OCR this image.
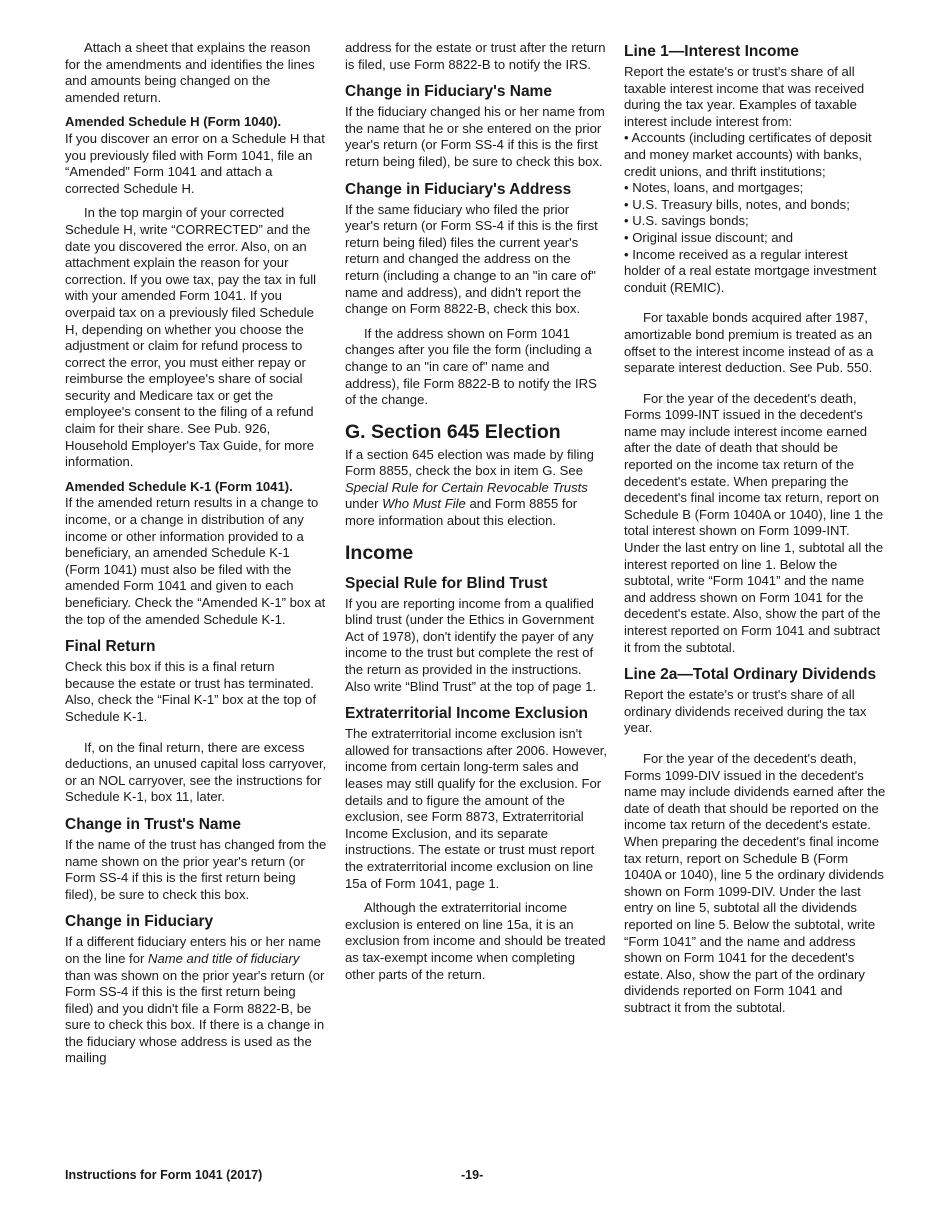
Attach a sheet that explains the reason for the amendments and identifies the lines and amounts being changed on the amended return.

Amended Schedule H (Form 1040).
If you discover an error on a Schedule H that you previously filed with Form 1041, file an “Amended” Form 1041 and attach a corrected Schedule H.

In the top margin of your corrected Schedule H, write “CORRECTED” and the date you discovered the error. Also, on an attachment explain the reason for your correction. If you owe tax, pay the tax in full with your amended Form 1041. If you overpaid tax on a previously filed Schedule H, depending on whether you choose the adjustment or claim for refund process to correct the error, you must either repay or reimburse the employee's share of social security and Medicare tax or get the employee's consent to the filing of a refund claim for their share. See Pub. 926, Household Employer's Tax Guide, for more information.

Amended Schedule K-1 (Form 1041).
If the amended return results in a change to income, or a change in distribution of any income or other information provided to a beneficiary, an amended Schedule K-1 (Form 1041) must also be filed with the amended Form 1041 and given to each beneficiary. Check the “Amended K-1” box at the top of the amended Schedule K-1.

Final Return

Check this box if this is a final return because the estate or trust has terminated. Also, check the “Final K-1” box at the top of Schedule K-1.

If, on the final return, there are excess deductions, an unused capital loss carryover, or an NOL carryover, see the instructions for Schedule K-1, box 11, later.

Change in Trust's Name

If the name of the trust has changed from the name shown on the prior year's return (or Form SS-4 if this is the first return being filed), be sure to check this box.

Change in Fiduciary

If a different fiduciary enters his or her name on the line for Name and title of fiduciary than was shown on the prior year's return (or Form SS-4 if this is the first return being filed) and you didn't file a Form 8822-B, be sure to check this box. If there is a change in the fiduciary whose address is used as the mailing

address for the estate or trust after the return is filed, use Form 8822-B to notify the IRS.

Change in Fiduciary's Name

If the fiduciary changed his or her name from the name that he or she entered on the prior year's return (or Form SS-4 if this is the first return being filed), be sure to check this box.

Change in Fiduciary's Address

If the same fiduciary who filed the prior year's return (or Form SS-4 if this is the first return being filed) files the current year's return and changed the address on the return (including a change to an "in care of" name and address), and didn't report the change on Form 8822-B, check this box.

If the address shown on Form 1041 changes after you file the form (including a change to an "in care of" name and address), file Form 8822-B to notify the IRS of the change.

G. Section 645 Election

If a section 645 election was made by filing Form 8855, check the box in item G. See Special Rule for Certain Revocable Trusts under Who Must File and Form 8855 for more information about this election.

Income
Special Rule for Blind Trust

If you are reporting income from a qualified blind trust (under the Ethics in Government Act of 1978), don't identify the payer of any income to the trust but complete the rest of the return as provided in the instructions. Also write “Blind Trust” at the top of page 1.

Extraterritorial Income Exclusion

The extraterritorial income exclusion isn't allowed for transactions after 2006. However, income from certain long-term sales and leases may still qualify for the exclusion. For details and to figure the amount of the exclusion, see Form 8873, Extraterritorial Income Exclusion, and its separate instructions. The estate or trust must report the extraterritorial income exclusion on line 15a of Form 1041, page 1.

Although the extraterritorial income exclusion is entered on line 15a, it is an exclusion from income and should be treated as tax-exempt income when completing other parts of the return.

Line 1—Interest Income

Report the estate's or trust's share of all taxable interest income that was received during the tax year. Examples of taxable interest include interest from:

• Accounts (including certificates of deposit and money market accounts) with banks, credit unions, and thrift institutions;
• Notes, loans, and mortgages;
• U.S. Treasury bills, notes, and bonds;
• U.S. savings bonds;
• Original issue discount; and
• Income received as a regular interest holder of a real estate mortgage investment conduit (REMIC).

For taxable bonds acquired after 1987, amortizable bond premium is treated as an offset to the interest income instead of as a separate interest deduction. See Pub. 550.

For the year of the decedent's death, Forms 1099-INT issued in the decedent's name may include interest income earned after the date of death that should be reported on the income tax return of the decedent's estate. When preparing the decedent's final income tax return, report on Schedule B (Form 1040A or 1040), line 1 the total interest shown on Form 1099-INT. Under the last entry on line 1, subtotal all the interest reported on line 1. Below the subtotal, write “Form 1041” and the name and address shown on Form 1041 for the decedent's estate. Also, show the part of the interest reported on Form 1041 and subtract it from the subtotal.

Line 2a—Total Ordinary Dividends

Report the estate's or trust's share of all ordinary dividends received during the tax year.

For the year of the decedent's death, Forms 1099-DIV issued in the decedent's name may include dividends earned after the date of death that should be reported on the income tax return of the decedent's estate. When preparing the decedent's final income tax return, report on Schedule B (Form 1040A or 1040), line 5 the ordinary dividends shown on Form 1099-DIV. Under the last entry on line 5, subtotal all the dividends reported on line 5. Below the subtotal, write “Form 1041” and the name and address shown on Form 1041 for the decedent's estate. Also, show the part of the ordinary dividends reported on Form 1041 and subtract it from the subtotal.

Instructions for Form 1041 (2017)	-19-
